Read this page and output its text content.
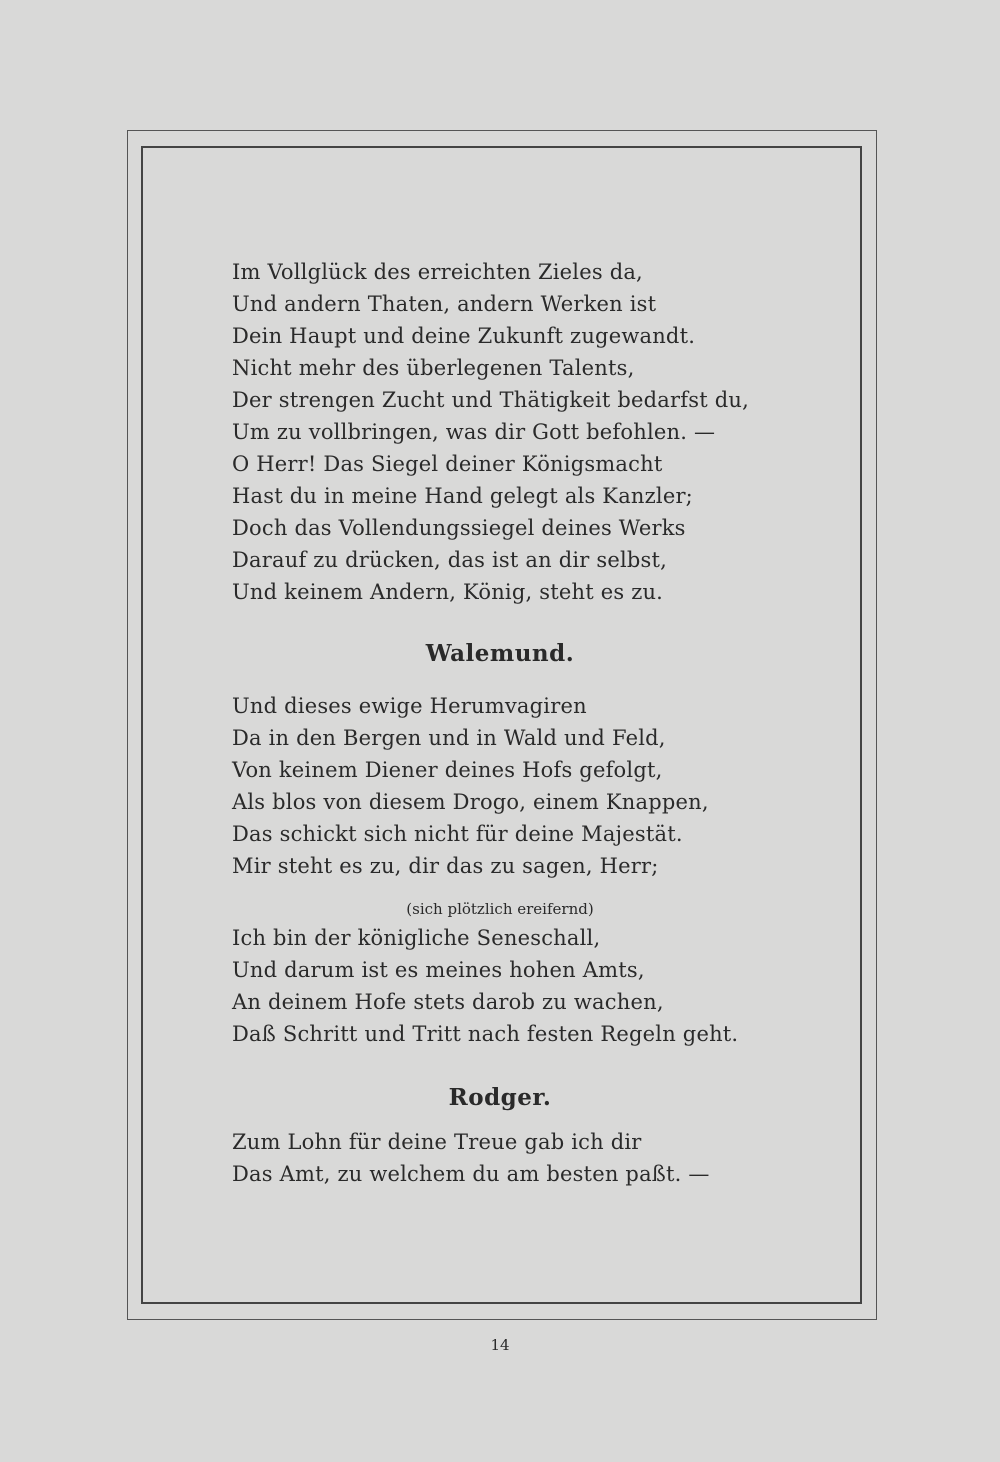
Im Vollglück des erreichten Zieles da,
Und andern Thaten, andern Werken ist
Dein Haupt und deine Zukunft zugewandt.
Nicht mehr des überlegenen Talents,
Der strengen Zucht und Thätigkeit bedarfst du,
Um zu vollbringen, was dir Gott befohlen. —
O Herr! Das Siegel deiner Königsmacht
Hast du in meine Hand gelegt als Kanzler;
Doch das Vollendungssiegel deines Werks
Darauf zu drücken, das ist an dir selbst,
Und keinem Andern, König, steht es zu.
Walemund.
Und dieses ewige Herumvagiren
Da in den Bergen und in Wald und Feld,
Von keinem Diener deines Hofs gefolgt,
Als blos von diesem Drogo, einem Knappen,
Das schickt sich nicht für deine Majestät.
Mir steht es zu, dir das zu sagen, Herr;
(sich plötzlich ereifernd)
Ich bin der königliche Seneschall,
Und darum ist es meines hohen Amts,
An deinem Hofe stets darob zu wachen,
Daß Schritt und Tritt nach festen Regeln geht.
Rodger.
Zum Lohn für deine Treue gab ich dir
Das Amt, zu welchem du am besten paßt. —
14
